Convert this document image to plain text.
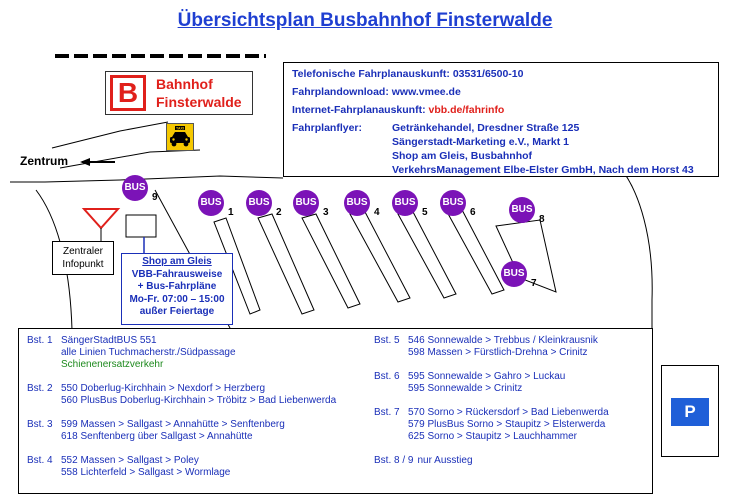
Übersichtsplan Busbahnhof Finsterwalde
B	Bahnhof
Finsterwalde
TAXI
Zentrum
Telefonische Fahrplanauskunft: 03531/6500-10
Fahrplandownload: www.vmee.de
Internet-Fahrplanauskunft: vbb.de/fahrinfo
Fahrplanflyer:	Getränkehandel, Dresdner Straße 125
Sängerstadt-Marketing e.V., Markt 1
Shop am Gleis, Busbahnhof
VerkehrsManagement Elbe-Elster GmbH, Nach dem Horst 43
BUS
9	BUS
1
BUS
2
BUS
3
BUS
4
BUS
5
BUS
6	BUS
8
BUS
7
Zentraler
Infopunkt	Shop am Gleis
VBB-Fahrausweise
+ Bus-Fahrpläne
Mo-Fr. 07:00 – 15:00
außer Feiertage
Bst. 1 SängerStadtBUS 551
alle Linien Tuchmacherstr./Südpassage
Schienenersatzverkehr
Bst. 2 550 Doberlug-Kirchhain > Nexdorf > Herzberg
560 PlusBus Doberlug-Kirchhain > Tröbitz > Bad Liebenwerda
Bst. 3 599 Massen > Sallgast > Annahütte > Senftenberg
618 Senftenberg über Sallgast > Annahütte
Bst. 4 552 Massen > Sallgast > Poley
558 Lichterfeld > Sallgast > Wormlage
Bst. 5 546 Sonnewalde > Trebbus / Kleinkrausnik
598 Massen > Fürstlich-Drehna > Crinitz
Bst. 6 595 Sonnewalde > Gahro > Luckau
595 Sonnewalde > Crinitz
Bst. 7 570 Sorno > Rückersdorf > Bad Liebenwerda
579 PlusBus Sorno > Staupitz > Elsterwerda
625 Sorno > Staupitz > Lauchhammer
Bst. 8 / 9 nur Ausstieg
P
